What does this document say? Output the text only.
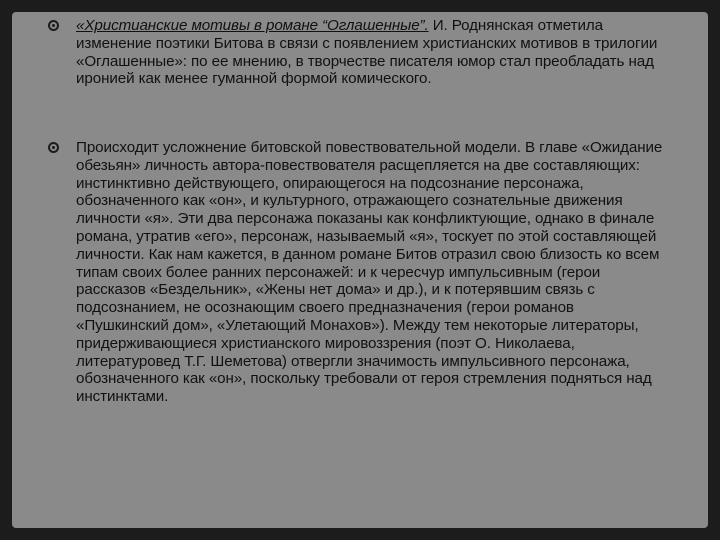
«Христианские мотивы в романе “Оглашенные”. И. Роднянская отметила изменение поэтики Битова в связи с появлением христианских мотивов в трилогии «Оглашенные»: по ее мнению, в творчестве писателя юмор стал преобладать над иронией как менее гуманной формой комического.
Происходит усложнение битовской повествовательной модели. В главе «Ожидание обезьян» личность автора-повествователя расщепляется на две составляющих: инстинктивно действующего, опирающегося на подсознание персонажа, обозначенного как «он», и культурного, отражающего сознательные движения личности «я». Эти два персонажа показаны как конфликтующие, однако в финале романа, утратив «его», персонаж, называемый «я», тоскует по этой составляющей личности. Как нам кажется, в данном романе Битов отразил свою близость ко всем типам своих более ранних персонажей: и к чересчур импульсивным (герои рассказов «Бездельник», «Жены нет дома» и др.), и к потерявшим связь с подсознанием, не осознающим своего предназначения (герои романов «Пушкинский дом», «Улетающий Монахов»). Между тем некоторые литераторы, придерживающиеся христианского мировоззрения (поэт О. Николаева, литературовед Т.Г. Шеметова) отвергли значимость импульсивного персонажа, обозначенного как «он», поскольку требовали от героя стремления подняться над инстинктами.
